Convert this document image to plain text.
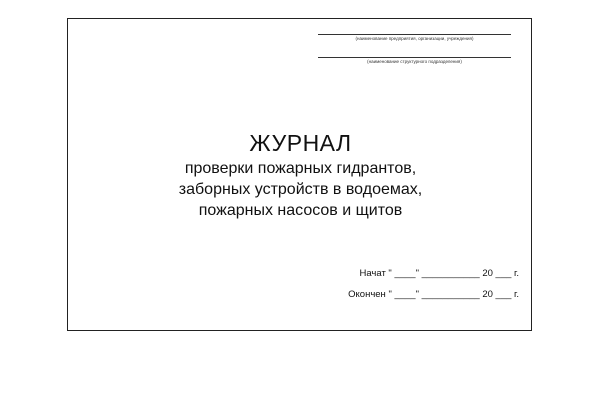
(наименование предприятия, организации, учреждения)
(наименование структурного подразделения)
ЖУРНАЛ
проверки пожарных гидрантов,
заборных устройств в водоемах,
пожарных насосов и щитов
Начат " ____" ___________ 20 ___ г.
Окончен " ____" ___________ 20 ___ г.
